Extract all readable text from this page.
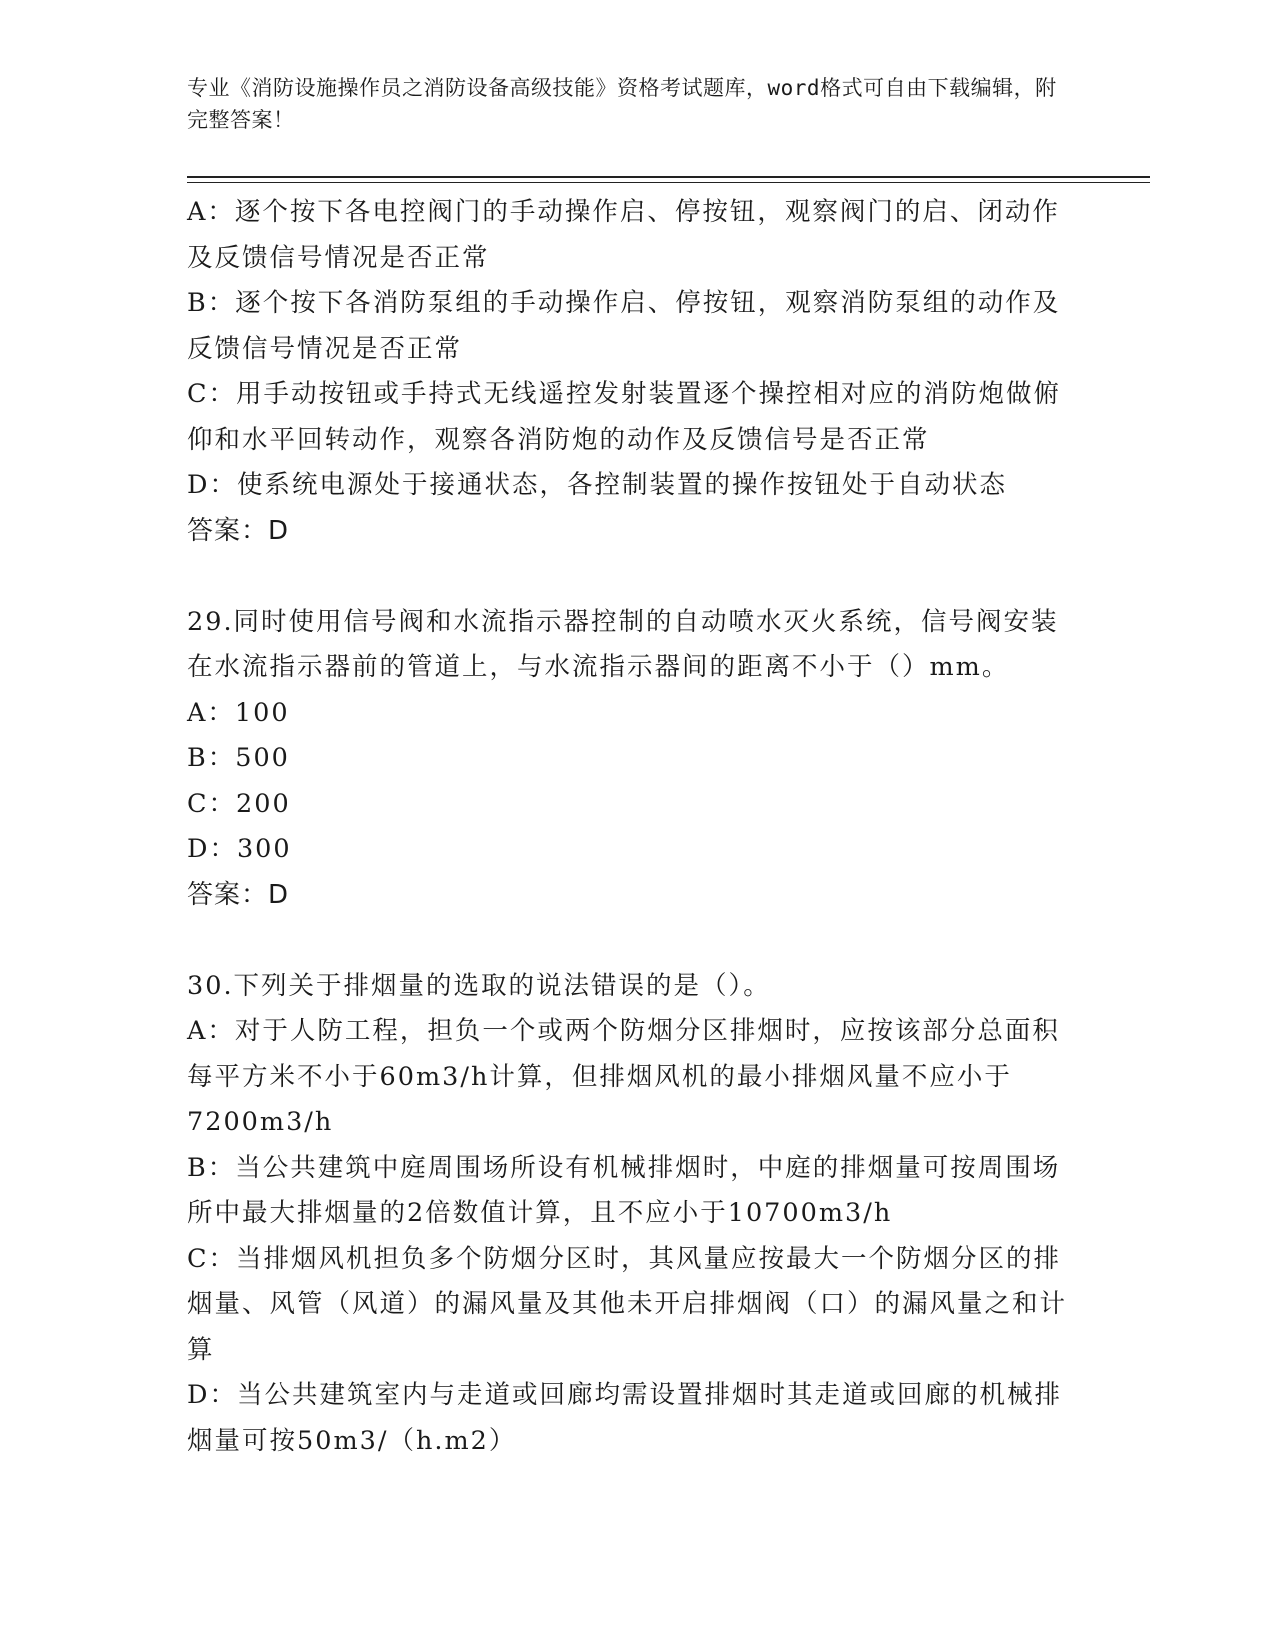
专业《消防设施操作员之消防设备高级技能》资格考试题库，word格式可自由下载编辑，附完整答案！

A：逐个按下各电控阀门的手动操作启、停按钮，观察阀门的启、闭动作及反馈信号情况是否正常

B：逐个按下各消防泵组的手动操作启、停按钮，观察消防泵组的动作及反馈信号情况是否正常

C：用手动按钮或手持式无线遥控发射装置逐个操控相对应的消防炮做俯仰和水平回转动作，观察各消防炮的动作及反馈信号是否正常

D：使系统电源处于接通状态，各控制装置的操作按钮处于自动状态

答案：D

29.同时使用信号阀和水流指示器控制的自动喷水灭火系统，信号阀安装在水流指示器前的管道上，与水流指示器间的距离不小于（）mm。

A：100

B：500

C：200

D：300

答案：D

30.下列关于排烟量的选取的说法错误的是（）。

A：对于人防工程，担负一个或两个防烟分区排烟时，应按该部分总面积每平方米不小于60m3/h计算，但排烟风机的最小排烟风量不应小于7200m3/h

B：当公共建筑中庭周围场所设有机械排烟时，中庭的排烟量可按周围场所中最大排烟量的2倍数值计算，且不应小于10700m3/h

C：当排烟风机担负多个防烟分区时，其风量应按最大一个防烟分区的排烟量、风管（风道）的漏风量及其他未开启排烟阀（口）的漏风量之和计算

D：当公共建筑室内与走道或回廊均需设置排烟时其走道或回廊的机械排烟量可按50m3/（h.m2）
